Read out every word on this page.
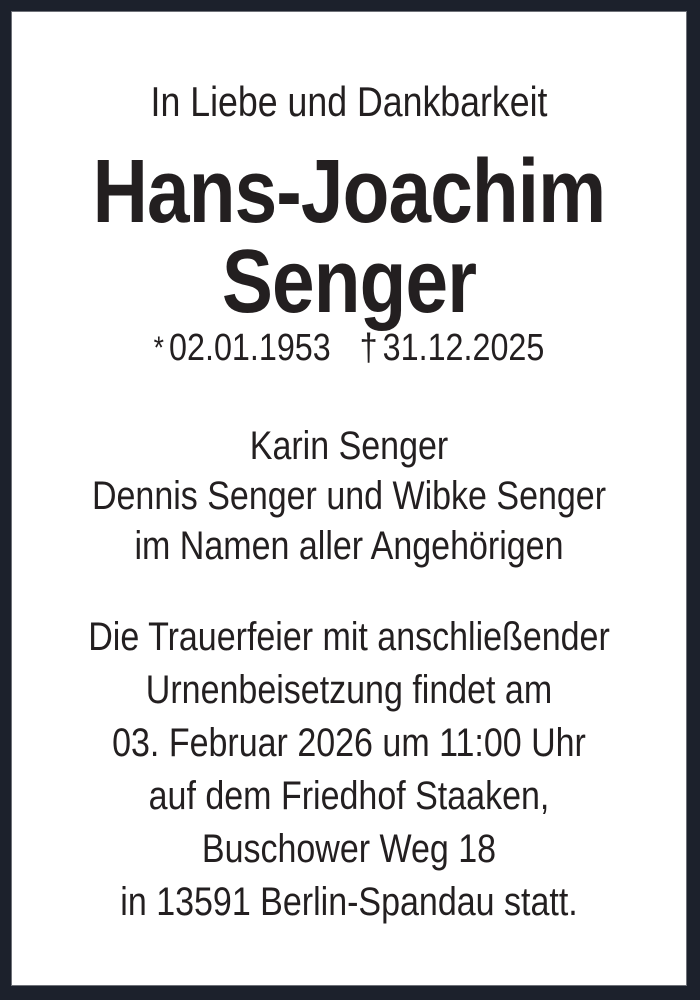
In Liebe und Dankbarkeit
Hans-Joachim
Senger
* 02.01.1953 † 31.12.2025
Karin Senger
Dennis Senger und Wibke Senger
im Namen aller Angehörigen
Die Trauerfeier mit anschließender
Urnenbeisetzung findet am
03. Februar 2026 um 11:00 Uhr
auf dem Friedhof Staaken,
Buschower Weg 18
in 13591 Berlin-Spandau statt.
